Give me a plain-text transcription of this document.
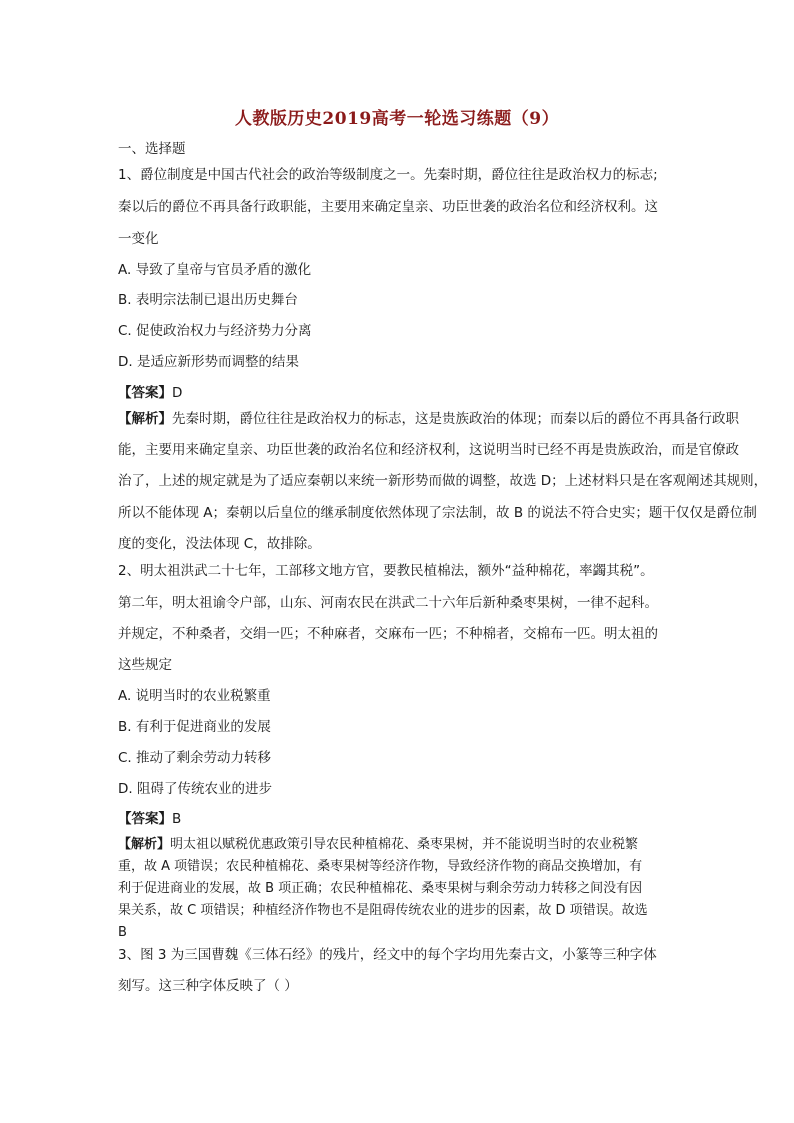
人教版历史2019高考一轮选习练题（9）
一、选择题
1、爵位制度是中国古代社会的政治等级制度之一。先秦时期，爵位往往是政治权力的标志;
秦以后的爵位不再具备行政职能，主要用来确定皇亲、功臣世袭的政治名位和经济权利。这
一变化
A. 导致了皇帝与官员矛盾的激化
B. 表明宗法制已退出历史舞台
C. 促使政治权力与经济势力分离
D. 是适应新形势而调整的结果
【答案】D
【解析】先秦时期，爵位往往是政治权力的标志，这是贵族政治的体现；而秦以后的爵位不再具备行政职
能，主要用来确定皇亲、功臣世袭的政治名位和经济权利，这说明当时已经不再是贵族政治，而是官僚政
治了，上述的规定就是为了适应秦朝以来统一新形势而做的调整，故选 D；上述材料只是在客观阐述其规则，
所以不能体现 A；秦朝以后皇位的继承制度依然体现了宗法制，故 B 的说法不符合史实；题干仅仅是爵位制
度的变化，没法体现 C，故排除。
2、明太祖洪武二十七年，工部移文地方官，要教民植棉法，额外“益种棉花，率蠲其税”。
第二年，明太祖谕令户部，山东、河南农民在洪武二十六年后新种桑枣果树，一律不起科。
并规定，不种桑者，交绢一匹；不种麻者，交麻布一匹；不种棉者，交棉布一匹。明太祖的
这些规定
A. 说明当时的农业税繁重
B. 有利于促进商业的发展
C. 推动了剩余劳动力转移
D. 阻碍了传统农业的进步
【答案】B
【解析】明太祖以赋税优惠政策引导农民种植棉花、桑枣果树，并不能说明当时的农业税繁
重，故 A 项错误；农民种植棉花、桑枣果树等经济作物，导致经济作物的商品交换增加，有
利于促进商业的发展，故 B 项正确；农民种植棉花、桑枣果树与剩余劳动力转移之间没有因
果关系，故 C 项错误；种植经济作物也不是阻碍传统农业的进步的因素，故 D 项错误。故选
B
3、图 3 为三国曹魏《三体石经》的残片，经文中的每个字均用先秦古文，小篆等三种字体
刻写。这三种字体反映了（ ）
